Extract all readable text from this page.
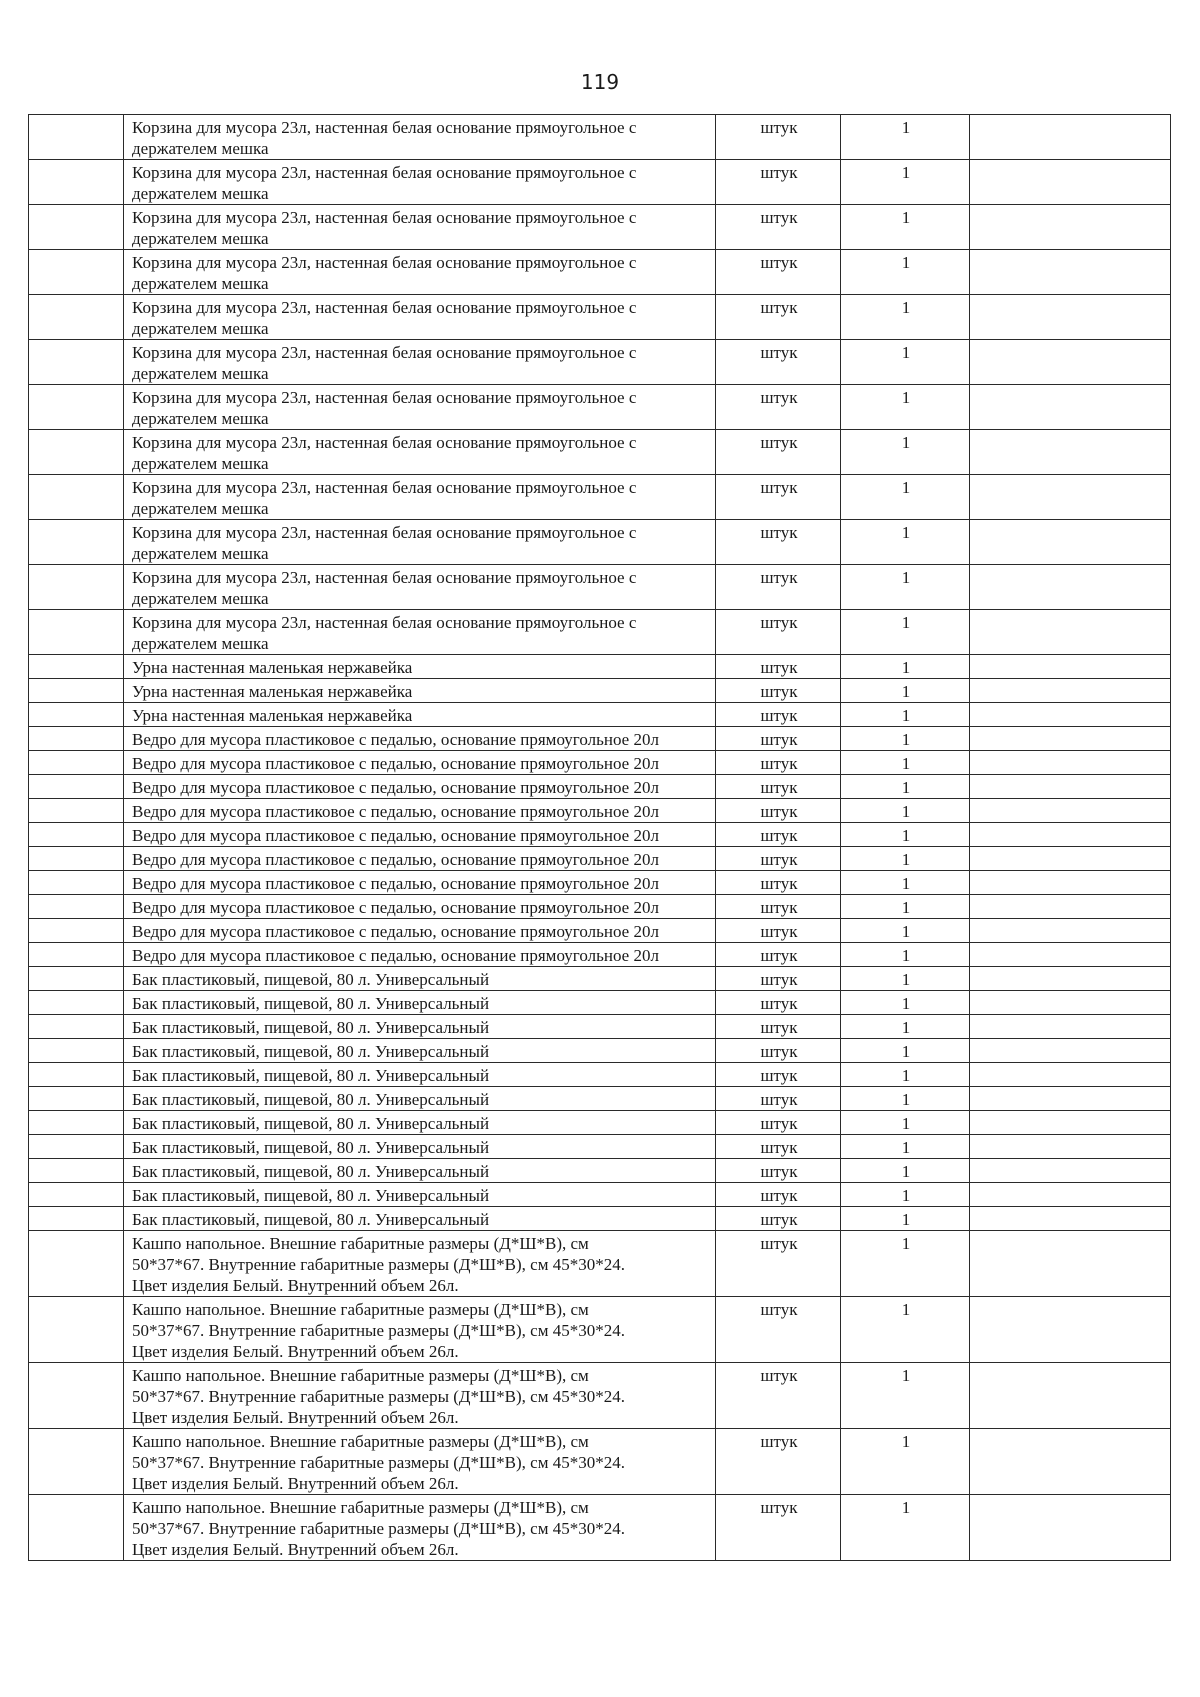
119
	Корзина для мусора 23л, настенная белая основание прямоугольное с
держателем мешка	штук	1	
	Корзина для мусора 23л, настенная белая основание прямоугольное с
держателем мешка	штук	1	
	Корзина для мусора 23л, настенная белая основание прямоугольное с
держателем мешка	штук	1	
	Корзина для мусора 23л, настенная белая основание прямоугольное с
держателем мешка	штук	1	
	Корзина для мусора 23л, настенная белая основание прямоугольное с
держателем мешка	штук	1	
	Корзина для мусора 23л, настенная белая основание прямоугольное с
держателем мешка	штук	1	
	Корзина для мусора 23л, настенная белая основание прямоугольное с
держателем мешка	штук	1	
	Корзина для мусора 23л, настенная белая основание прямоугольное с
держателем мешка	штук	1	
	Корзина для мусора 23л, настенная белая основание прямоугольное с
держателем мешка	штук	1	
	Корзина для мусора 23л, настенная белая основание прямоугольное с
держателем мешка	штук	1	
	Корзина для мусора 23л, настенная белая основание прямоугольное с
держателем мешка	штук	1	
	Корзина для мусора 23л, настенная белая основание прямоугольное с
держателем мешка	штук	1	
	Урна настенная маленькая нержавейка	штук	1	
	Урна настенная маленькая нержавейка	штук	1	
	Урна настенная маленькая нержавейка	штук	1	
	Ведро для мусора пластиковое с педалью, основание прямоугольное 20л	штук	1	
	Ведро для мусора пластиковое с педалью, основание прямоугольное 20л	штук	1	
	Ведро для мусора пластиковое с педалью, основание прямоугольное 20л	штук	1	
	Ведро для мусора пластиковое с педалью, основание прямоугольное 20л	штук	1	
	Ведро для мусора пластиковое с педалью, основание прямоугольное 20л	штук	1	
	Ведро для мусора пластиковое с педалью, основание прямоугольное 20л	штук	1	
	Ведро для мусора пластиковое с педалью, основание прямоугольное 20л	штук	1	
	Ведро для мусора пластиковое с педалью, основание прямоугольное 20л	штук	1	
	Ведро для мусора пластиковое с педалью, основание прямоугольное 20л	штук	1	
	Ведро для мусора пластиковое с педалью, основание прямоугольное 20л	штук	1	
	Бак пластиковый, пищевой, 80 л. Универсальный	штук	1	
	Бак пластиковый, пищевой, 80 л. Универсальный	штук	1	
	Бак пластиковый, пищевой, 80 л. Универсальный	штук	1	
	Бак пластиковый, пищевой, 80 л. Универсальный	штук	1	
	Бак пластиковый, пищевой, 80 л. Универсальный	штук	1	
	Бак пластиковый, пищевой, 80 л. Универсальный	штук	1	
	Бак пластиковый, пищевой, 80 л. Универсальный	штук	1	
	Бак пластиковый, пищевой, 80 л. Универсальный	штук	1	
	Бак пластиковый, пищевой, 80 л. Универсальный	штук	1	
	Бак пластиковый, пищевой, 80 л. Универсальный	штук	1	
	Бак пластиковый, пищевой, 80 л. Универсальный	штук	1	
	Кашпо напольное. Внешние габаритные размеры (Д*Ш*В), см
50*37*67. Внутренние габаритные размеры (Д*Ш*В), см 45*30*24.
Цвет изделия Белый. Внутренний объем 26л.	штук	1	
	Кашпо напольное. Внешние габаритные размеры (Д*Ш*В), см
50*37*67. Внутренние габаритные размеры (Д*Ш*В), см 45*30*24.
Цвет изделия Белый. Внутренний объем 26л.	штук	1	
	Кашпо напольное. Внешние габаритные размеры (Д*Ш*В), см
50*37*67. Внутренние габаритные размеры (Д*Ш*В), см 45*30*24.
Цвет изделия Белый. Внутренний объем 26л.	штук	1	
	Кашпо напольное. Внешние габаритные размеры (Д*Ш*В), см
50*37*67. Внутренние габаритные размеры (Д*Ш*В), см 45*30*24.
Цвет изделия Белый. Внутренний объем 26л.	штук	1	
	Кашпо напольное. Внешние габаритные размеры (Д*Ш*В), см
50*37*67. Внутренние габаритные размеры (Д*Ш*В), см 45*30*24.
Цвет изделия Белый. Внутренний объем 26л.	штук	1	
